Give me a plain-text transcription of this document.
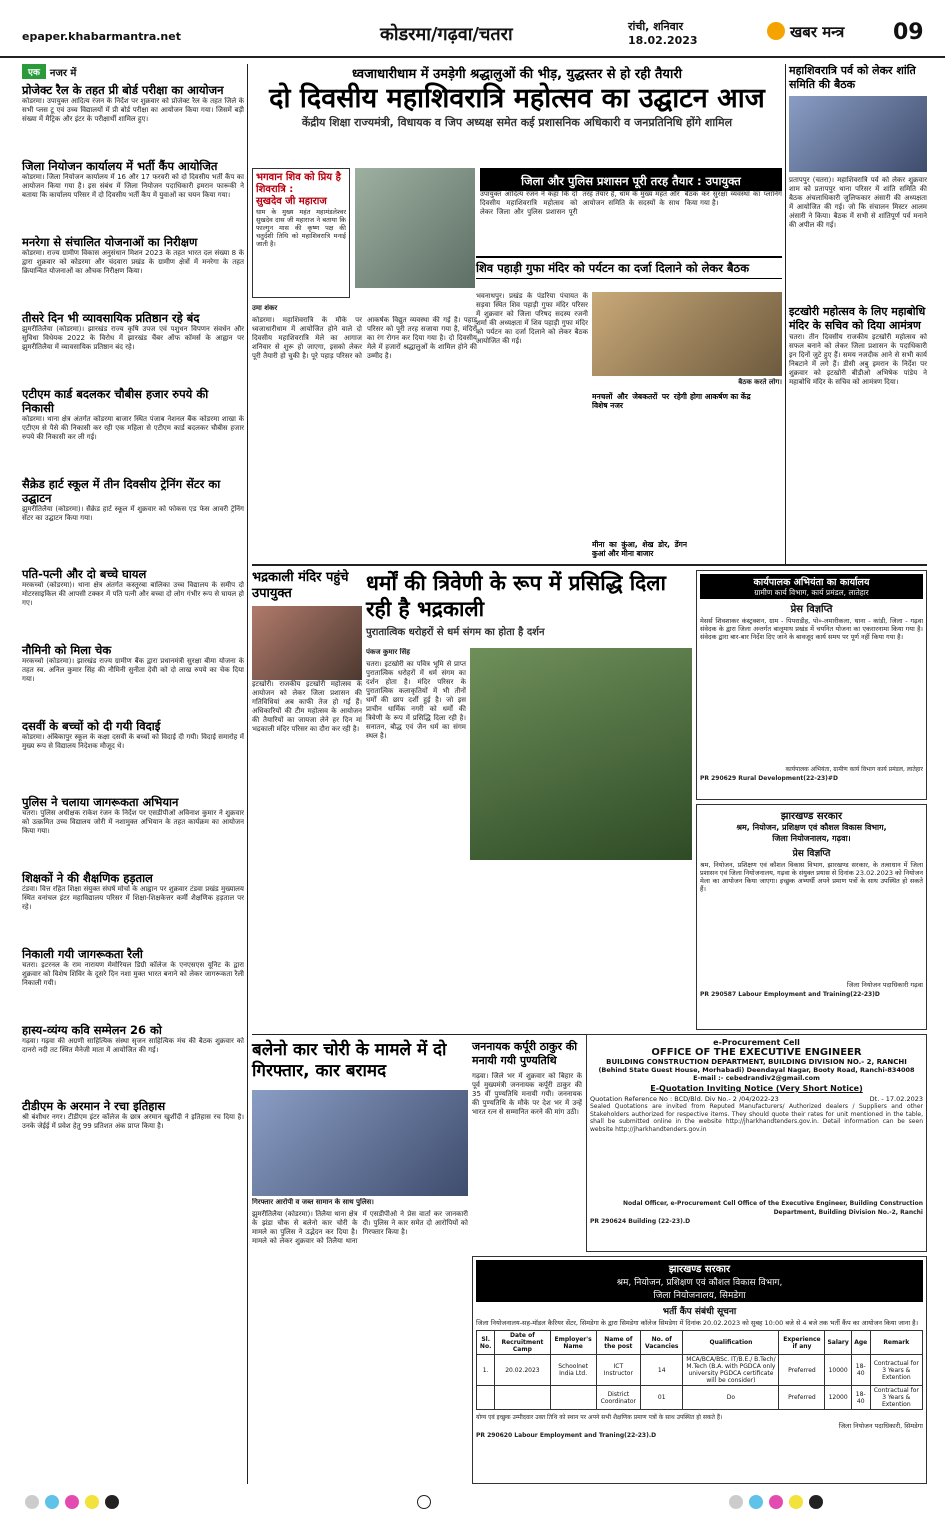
epaper.khabarmantra.net	कोडरमा/गढ़वा/चतरा	रांची, शनिवार
18.02.2023	खबर मन्त्र 09
एक	नजर में
प्रोजेक्ट रैल के तहत प्री बोर्ड परीक्षा का आयोजन
कोडरमा। उपायुक्त आदित्य रंजन के निर्देश पर शुक्रवार को प्रोजेक्ट रैल के तहत जिले के सभी प्लस टू एवं उच्च विद्यालयों में प्री बोर्ड परीक्षा का आयोजन किया गया। जिसमें बड़ी संख्या में मैट्रिक और इंटर के परीक्षार्थी शामिल हुए।
जिला नियोजन कार्यालय में भर्ती कैंप आयोजित
कोडरमा। जिला नियोजन कार्यालय में 16 और 17 फरवरी को दो दिवसीय भर्ती कैंप का आयोजन किया गया है। इस संबंध में जिला नियोजन पदाधिकारी इमरान फारूकी ने बताया कि कार्यालय परिसर में दो दिवसीय भर्ती कैंप में युवाओं का चयन किया गया।
मनरेगा से संचालित योजनाओं का निरीक्षण
कोडरमा। राज्य ग्रामीण विकास अनुसंधान मिशन 2023 के तहत भारत दल संख्या 8 के द्वारा शुक्रवार को कोडरमा और चंदवारा प्रखंड के ग्रामीण क्षेत्रों में मनरेगा के तहत क्रियान्वित योजनाओं का औचक निरीक्षण किया।
तीसरे दिन भी व्यावसायिक प्रतिष्ठान रहे बंद
झुमरीतिलैया (कोडरमा)। झारखंड राज्य कृषि उपज एवं पशुधन विपणन संवर्धन और सुविधा विधेयक 2022 के विरोध में झारखंड चैंबर ऑफ कॉमर्स के आह्वान पर झुमरीतिलैया में व्यावसायिक प्रतिष्ठान बंद रहे।
एटीएम कार्ड बदलकर चौबीस हजार रुपये की निकासी
कोडरमा। थाना क्षेत्र अंतर्गत कोडरमा बाजार स्थित पंजाब नेशनल बैंक कोडरमा शाखा के एटीएम से पैसे की निकासी कर रही एक महिला से एटीएम कार्ड बदलकर चौबीस हजार रुपये की निकासी कर ली गई।
सैक्रेड हार्ट स्कूल में तीन दिवसीय ट्रेनिंग सेंटर का उद्घाटन
झुमरीतिलैया (कोडरमा)। सैक्रेड हार्ट स्कूल में शुक्रवार को फोकस एड फेस आवरी ट्रेनिंग सेंटर का उद्घाटन किया गया।
पति-पत्नी और दो बच्चे घायल
मरकच्चो (कोडरमा)। थाना क्षेत्र अंतर्गत कस्तूरबा बालिका उच्च विद्यालय के समीप दो मोटरसाइकिल की आपसी टक्कर में पति पत्नी और बच्चा दो लोग गंभीर रूप से घायल हो गए।
नौमिनी को मिला चेक
मरकच्चो (कोडरमा)। झारखंड राज्य ग्रामीण बैंक द्वारा प्रधानमंत्री सुरक्षा बीमा योजना के तहत स्व. अनिल कुमार सिंह की नौमिनी सुनीता देवी को दो लाख रुपये का चेक दिया गया।
दसवीं के बच्चों को दी गयी विदाई
कोडरमा। अंबिकापुर स्कूल के कक्षा दसवीं के बच्चों को विदाई दी गयी। विदाई समारोह में मुख्य रूप से विद्यालय निदेशक मौजूद थे।
पुलिस ने चलाया जागरूकता अभियान
चतरा। पुलिस अधीक्षक राकेश रंजन के निर्देश पर एसडीपीओ अविनाश कुमार ने शुक्रवार को उत्क्रमित उच्च विद्यालय जोरी में नशामुक्त अभियान के तहत कार्यक्रम का आयोजन किया गया।
शिक्षकों ने की शैक्षणिक हड़ताल
टंडवा। वित्त रहित शिक्षा संयुक्त संघर्ष मोर्चा के आह्वान पर शुक्रवार टंडवा प्रखंड मुख्यालय स्थित वनांचल इंटर महाविद्यालय परिसर में शिक्षा-शिक्षकेत्तर कर्मी शैक्षणिक हड़ताल पर रहे।
निकाली गयी जागरूकता रैली
चतरा। इटरनल के राम नारायण मेमोरियल डिग्री कॉलेज के एनएसएस यूनिट के द्वारा शुक्रवार को विशेष शिविर के दूसरे दिन नशा मुक्त भारत बनाने को लेकर जागरूकता रैली निकाली गयी।
हास्य-व्यंग्य कवि सम्मेलन 26 को
गढ़वा। गढ़वा की अग्रणी साहित्यिक संस्था सृजन साहित्यिक मंच की बैठक शुक्रवार को दानरो नदी तट स्थित मैनेजी माता में आयोजित की गई।
टीडीएम के अरमान ने रचा इतिहास
श्री बंशीधर नगर। टीडीएम इंटर कॉलेज के छात्र अरमान खुर्शीदी ने इतिहास रच दिया है। उनके जेईई में प्रवेश हेतु 99 प्रतिशत अंक प्राप्त किया है।
ध्वजाधारीधाम में उमड़ेगी श्रद्धालुओं की भीड़, युद्धस्तर से हो रही तैयारी
दो दिवसीय महाशिवरात्रि महोत्सव का उद्घाटन आज
केंद्रीय शिक्षा राज्यमंत्री, विधायक व जिप अध्यक्ष समेत कई प्रशासनिक अधिकारी व जनप्रतिनिधि होंगे शामिल
भगवान शिव को प्रिय है शिवरात्रि :
सुखदेव जी महाराज
धाम के मुख्य महंत महामंडलेश्वर सुखदेव दास जी महाराज ने बताया कि फाल्गुन मास की कृष्ण पक्ष की चतुर्दशी तिथि को महाशिवरात्रि मनाई जाती है।
उमा शंकर
कोडरमा। महाशिवरात्रि के मौके पर ध्वजाधारीधाम में आयोजित होने वाले दो दिवसीय महाशिवरात्रि मेले का आगाज शनिवार से शुरू हो जाएगा, इसको लेकर पूरी तैयारी हो चुकी है। पूरे पहाड़ परिसर को आकर्षक विद्युत व्यवस्था की गई है। पहाड़ परिसर को पूरी तरह सजाया गया है, मंदिरों का रंग रोगन कर दिया गया है। दो दिवसीय मेले में हजारों श्रद्धालुओं के शामिल होने की उम्मीद है।
जिला और पुलिस प्रशासन पूरी तरह तैयार : उपायुक्त
उपायुक्त आदित्य रंजन ने कहा कि दो दिवसीय महाशिवरात्रि महोत्सव को लेकर जिला और पुलिस प्रशासन पूरी तरह तैयार है, धाम के मुख्य महंत और आयोजन समिति के सदस्यों के साथ बैठक कर सुरक्षा व्यवस्था का प्लानिंग किया गया है।
शिव पहाड़ी गुफा मंदिर को पर्यटन का दर्जा दिलाने को लेकर बैठक
भवनाथपुर। प्रखंड के पंडरिया पंचायत के सड़वा स्थित शिव पहाड़ी गुफा मंदिर परिसर में शुक्रवार को जिला परिषद सदस्य रजनी शर्मा की अध्यक्षता में शिव पहाड़ी गुफा मंदिर को पर्यटन का दर्जा दिलाने को लेकर बैठक आयोजित की गई।
बैठक करते लोग।
मनचलों और जेबकतरों पर रहेगी विशेष नजर
मीना का कुंआ, शेख डोर, डेंगन कुआं और मीना बाजार
होगा आकर्षण का केंद्र
महाशिवरात्रि पर्व को लेकर शांति समिति की बैठक
प्रतापपुर (चतरा)। महाशिवरात्रि पर्व को लेकर शुक्रवार शाम को प्रतापपुर थाना परिसर में शांति समिति की बैठक अंचलाधिकारी जुलिफकार अंसारी की अध्यक्षता में आयोजित की गई। जो कि संचालन मिस्टर आलम अंसारी ने किया। बैठक में सभी से शांतिपूर्ण पर्व मनाने की अपील की गई।
इटखोरी महोत्सव के लिए महाबोधि मंदिर के सचिव को दिया आमंत्रण
चतरा। तीन दिवसीय राजकीय इटखोरी महोत्सव को सफल बनाने को लेकर जिला प्रशासन के पदाधिकारी इन दिनों जुटे हुए हैं। समय नजदीक आने से सभी कार्य निबटाने में लगे हैं। डीसी अबु इमरान के निर्देश पर शुक्रवार को इटखोरी बीडीओ अभिषेक पांडेय ने महाबोधि मंदिर के सचिव को आमंत्रण दिया।
भद्रकाली मंदिर पहुंचे उपायुक्त
इटखोरी। राजकीय इटखोरी महोत्सव के आयोजन को लेकर जिला प्रशासन की गतिविधियां अब काफी तेज हो गई हैं। अधिकारियों की टीम महोत्सव के आयोजन की तैयारियों का जायजा लेने हर दिन मां भद्रकाली मंदिर परिसर का दौरा कर रही है।
धर्मों की त्रिवेणी के रूप में प्रसिद्धि दिला रही है भद्रकाली
पुरातात्विक धरोहरों से धर्म संगम का होता है दर्शन
पंकज कुमार सिंह
चतरा। इटखोरी का पवित्र भूमि से प्राप्त पुरातात्विक धरोहरों में धर्म संगम का दर्शन होता है। मंदिर परिसर के पुरातात्विक कलाकृतियों में भी तीनों धर्मों की छाप दर्शी हुई है। जो इस प्राचीन धार्मिक नगरी को धर्मों की त्रिवेणी के रूप में प्रसिद्धि दिला रही है। सनातन, बौद्ध एवं जैन धर्म का संगम स्थल है।
कार्यपालक अभियंता का कार्यालय
ग्रामीण कार्य विभाग, कार्य प्रमंडल, लातेहार
प्रेस विज्ञप्ति
मेसर्स शिवशाकर कंस्ट्रक्शन, ग्राम - पिपराडीह, पो०-लमारीकला, थाना - कांडी, जिला - गढ़वा संवेदक के द्वारा जिला अन्तर्गत बालूमाथ प्रखंड में चयनित योजना का एकरारनामा किया गया है। संवेदक द्वारा बार-बार निर्देश दिए जाने के बावजूद कार्य समय पर पूर्ण नहीं किया गया है।
कार्यपालक अभियंता, ग्रामीण कार्य विभाग कार्य प्रमंडल, लातेहार
PR 290629 Rural Development(22-23)#D
झारखण्ड सरकार
श्रम, नियोजन, प्रशिक्षण एवं कौशल विकास विभाग,
जिला नियोजनालय, गढ़वा।
प्रेस विज्ञप्ति
श्रम, नियोजन, प्रशिक्षण एवं कौशल विकास विभाग, झारखण्ड सरकार, के तत्वाधान में जिला प्रशासन एवं जिला नियोजनालय, गढ़वा के संयुक्त प्रयास से दिनांक 23.02.2023 को नियोजन मेला का आयोजन किया जाएगा। इच्छुक अभ्यर्थी अपने प्रमाण पत्रों के साथ उपस्थित हो सकते हैं।
जिला नियोजन पदाधिकारी गढ़वा
PR 290587 Labour Employment and Training(22-23)D
बलेनो कार चोरी के मामले में दो गिरफ्तार, कार बरामद
गिरफ्तार आरोपी व जब्त सामान के साथ पुलिस।
झुमरीतिलैया (कोडरमा)। तिलैया थाना क्षेत्र के झंडा चौक से बलेनो कार चोरी के मामले का पुलिस ने उद्भेदन कर दिया है। मामले को लेकर शुक्रवार को तिलैया थाना में एसडीपीओ ने प्रेस वार्ता कर जानकारी दी। पुलिस ने कार समेत दो आरोपियों को गिरफ्तार किया है।
जननायक कर्पूरी ठाकुर की मनायी गयी पुण्यतिथि
गढ़वा। जिले भर में शुक्रवार को बिहार के पूर्व मुख्यमंत्री जननायक कर्पूरी ठाकुर की 35 वीं पुण्यतिथि मनायी गयी। जननायक की पुण्यतिथि के मौके पर देश भर में उन्हें भारत रत्न से सम्मानित करने की मांग उठी।
e-Procurement Cell
OFFICE OF THE EXECUTIVE ENGINEER
BUILDING CONSTRUCTION DEPARTMENT, BUILDING DIVISION NO.- 2, RANCHI
(Behind State Guest House, Morhabadi) Deendayal Nagar, Booty Road, Ranchi-834008
E-mail :- cebedrandiv2@gmail.com
E-Quotation Inviting Notice (Very Short Notice)
Quotation Reference No : BCD/Bld. Div No.- 2 /04/2022-23	Dt. - 17.02.2023
Sealed Quotations are invited from Reputed Manufacturers/ Authorized dealers / Suppliers and other Stakeholders authorized for respective items. They should quote their rates for unit mentioned in the table, shall be submitted online in the website http://jharkhandtenders.gov.in. Detail information can be seen website http://jharkhandtenders.gov.in
Nodal Officer, e-Procurement Cell Office of the Executive Engineer, Building Construction Department, Building Division No.-2, Ranchi
PR 290624 Building (22-23).D
झारखण्ड सरकार
श्रम, नियोजन, प्रशिक्षण एवं कौशल विकास विभाग,
जिला नियोजनालय, सिमडेगा
भर्ती कैंप संबंधी सूचना
जिला नियोजनालय-सह-मॉडल कैरियर सेंटर, सिमडेगा के द्वारा सिमडेगा कॉलेज सिमडेगा में दिनांक 20.02.2023 को सुबह 10:00 बजे से 4 बजे तक भर्ती कैंप का आयोजन किया जाना है।
Sl. No.	Date of Recruitment Camp	Employer's Name	Name of the post	No. of Vacancies	Qualification	Experience if any	Salary	Age	Remark
1.	20.02.2023	Schoolnet India Ltd.	ICT Instructor	14	MCA/BCA/BSc. IT/B.E./ B.Tech/ M.Tech (B.A. with PGDCA only university PGDCA certificate will be consider)	Preferred	10000	18-40	Contractual for 3 Years & Extention
			District Coordinator	01	Do	Preferred	12000	18-40	Contractual for 3 Years & Extention
योग्य एवं इच्छुक उम्मीदवार उक्त तिथि को स्थान पर अपने सभी शैक्षणिक प्रमाण पत्रों के साथ उपस्थित हो सकते हैं।
जिला नियोजन पदाधिकारी, सिमडेगा
PR 290620 Labour Employment and Traning(22-23).D
